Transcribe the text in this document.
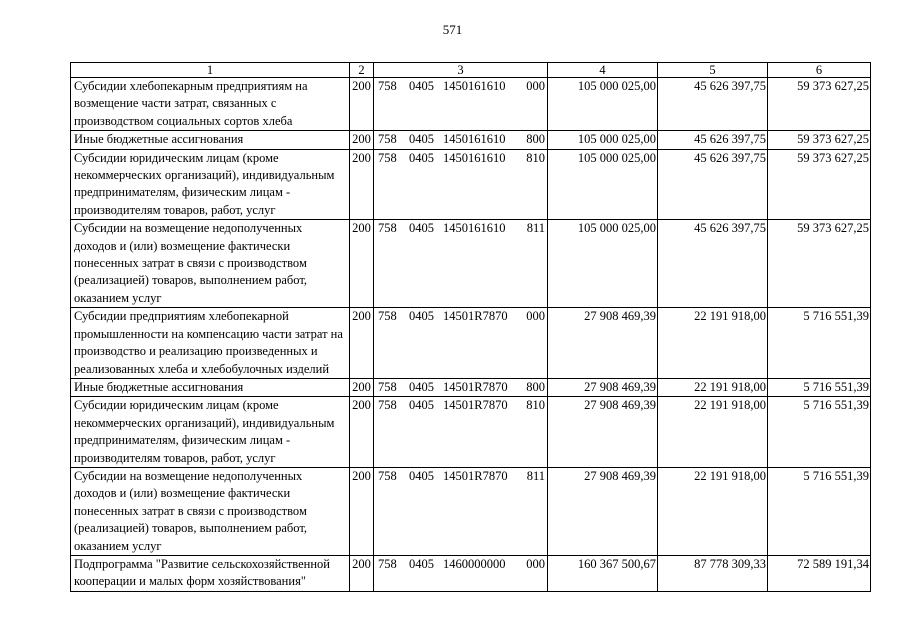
571
1	2	3	4	5	6
Субсидии хлебопекарным предприятиям на возмещение части затрат, связанных с производством социальных сортов хлеба	200	758 0405 1450161610 000	105 000 025,00	45 626 397,75	59 373 627,25
Иные бюджетные ассигнования	200	758 0405 1450161610 800	105 000 025,00	45 626 397,75	59 373 627,25
Субсидии юридическим лицам (кроме некоммерческих организаций), индивидуальным предпринимателям, физическим лицам - производителям товаров, работ, услуг	200	758 0405 1450161610 810	105 000 025,00	45 626 397,75	59 373 627,25
Субсидии на возмещение недополученных доходов и (или) возмещение фактически понесенных затрат в связи с производством (реализацией) товаров, выполнением работ, оказанием услуг	200	758 0405 1450161610 811	105 000 025,00	45 626 397,75	59 373 627,25
Субсидии предприятиям хлебопекарной промышленности на компенсацию части затрат на производство и реализацию произведенных и реализованных хлеба и хлебобулочных изделий	200	758 0405 14501R7870 000	27 908 469,39	22 191 918,00	5 716 551,39
Иные бюджетные ассигнования	200	758 0405 14501R7870 800	27 908 469,39	22 191 918,00	5 716 551,39
Субсидии юридическим лицам (кроме некоммерческих организаций), индивидуальным предпринимателям, физическим лицам - производителям товаров, работ, услуг	200	758 0405 14501R7870 810	27 908 469,39	22 191 918,00	5 716 551,39
Субсидии на возмещение недополученных доходов и (или) возмещение фактически понесенных затрат в связи с производством (реализацией) товаров, выполнением работ, оказанием услуг	200	758 0405 14501R7870 811	27 908 469,39	22 191 918,00	5 716 551,39
Подпрограмма "Развитие сельскохозяйственной кооперации и малых форм хозяйствования"	200	758 0405 1460000000 000	160 367 500,67	87 778 309,33	72 589 191,34
